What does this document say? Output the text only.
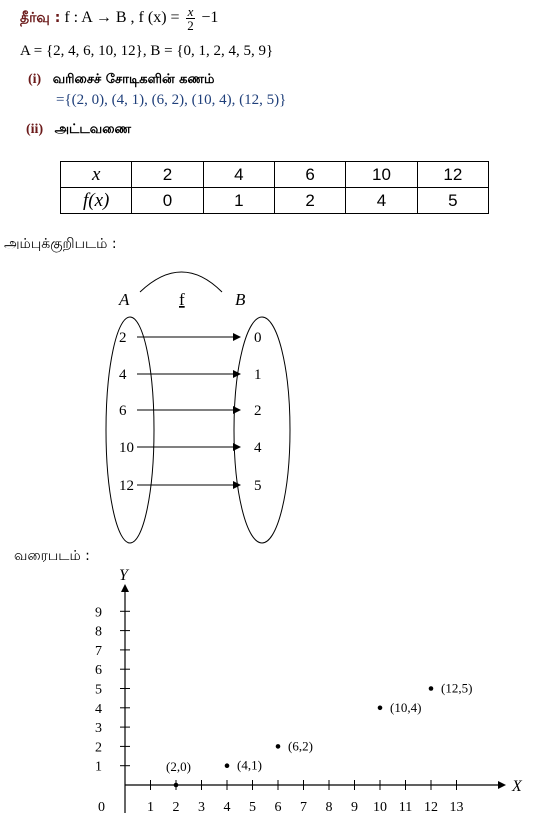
தீர்வு : f : A → B , f $(x) = \frac{x}{2} -1$
A = {2, 4, 6, 10, 12}, B = {0, 1, 2, 4, 5, 9}
(i) வரிசைச் சோடிகளின் கணம்
={(2, 0), (4, 1), (6, 2), (10, 4), (12, 5)}
(ii) அட்டவணை
x	2	4	6	10	12
f(x)	0	1	2	4	5
அம்புக்குறிபடம் :
A	B
f
2
4
6
10
12
0
1
2
4
5
வரைபடம் :
X
Y
0	1 2 3 4 5 6 7 8 9 10 11 12 13
1
2
3
4
5
6
7
8
9
(2,0)	(4,1)
(6,2)
(10,4)
(12,5)
